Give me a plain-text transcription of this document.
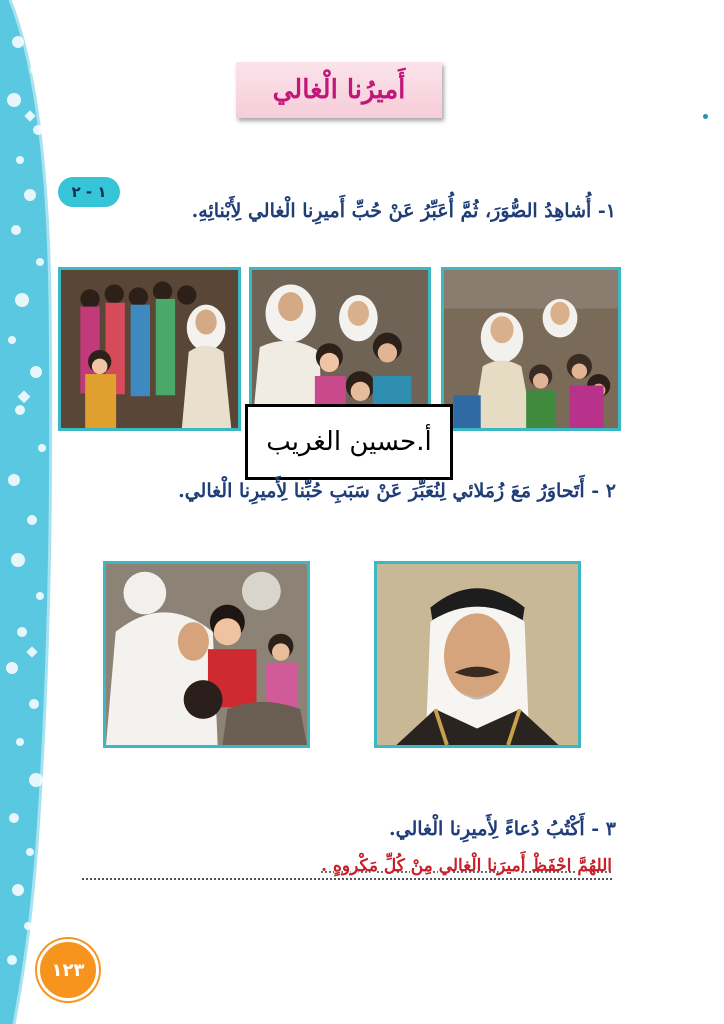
أَميرُنا الْغالي
١ - ٢
١- أُشاهِدُ الصُّوَرَ، ثُمَّ أُعَبِّرُ عَنْ حُبِّ أَميرِنا الْغالي لِأَبْنائِهِ.
أ.حسين الغريب
٢ - أَتَحاوَرُ مَعَ زُمَلائي لِنُعَبِّرَ عَنْ سَبَبِ حُبِّنا لِأَميرِنا الْغالي.
٣ - أَكْتُبُ دُعاءً لِأَميرِنا الْغالي.
اللهُمَّ احْفَظْ أَميرَنا الْغالي مِنْ كُلِّ مَكْروهٍ .
١٢٣
